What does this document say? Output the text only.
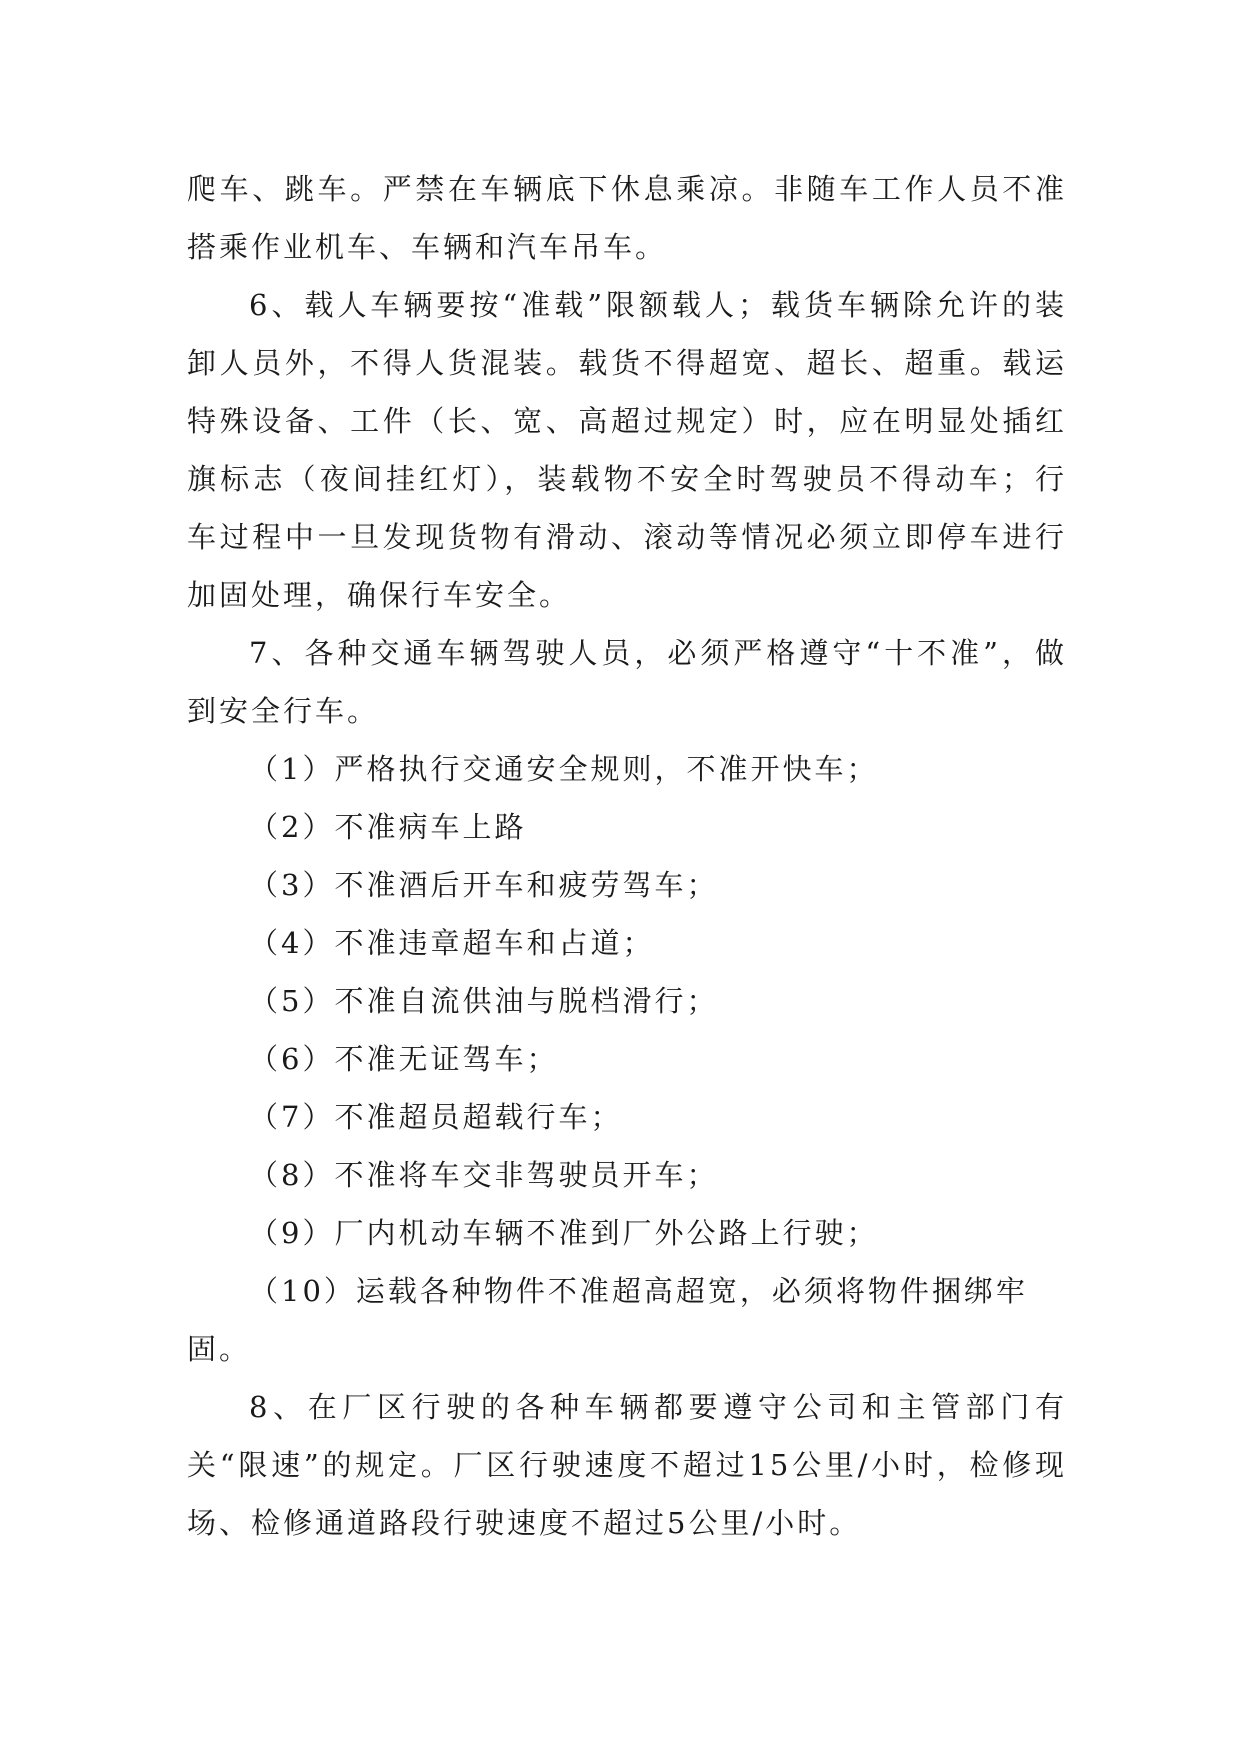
爬车、跳车。严禁在车辆底下休息乘凉。非随车工作人员不准搭乘作业机车、车辆和汽车吊车。

6、载人车辆要按“准载”限额载人；载货车辆除允许的装卸人员外，不得人货混装。载货不得超宽、超长、超重。载运特殊设备、工件（长、宽、高超过规定）时，应在明显处插红旗标志（夜间挂红灯），装载物不安全时驾驶员不得动车；行车过程中一旦发现货物有滑动、滚动等情况必须立即停车进行加固处理，确保行车安全。

7、各种交通车辆驾驶人员，必须严格遵守“十不准”，做到安全行车。

（1）严格执行交通安全规则，不准开快车；

（2）不准病车上路

（3）不准酒后开车和疲劳驾车；

（4）不准违章超车和占道；

（5）不准自流供油与脱档滑行；

（6）不准无证驾车；

（7）不准超员超载行车；

（8）不准将车交非驾驶员开车；

（9）厂内机动车辆不准到厂外公路上行驶；

（10）运载各种物件不准超高超宽，必须将物件捆绑牢固。

8、在厂区行驶的各种车辆都要遵守公司和主管部门有关“限速”的规定。厂区行驶速度不超过15公里/小时，检修现场、检修通道路段行驶速度不超过5公里/小时。
